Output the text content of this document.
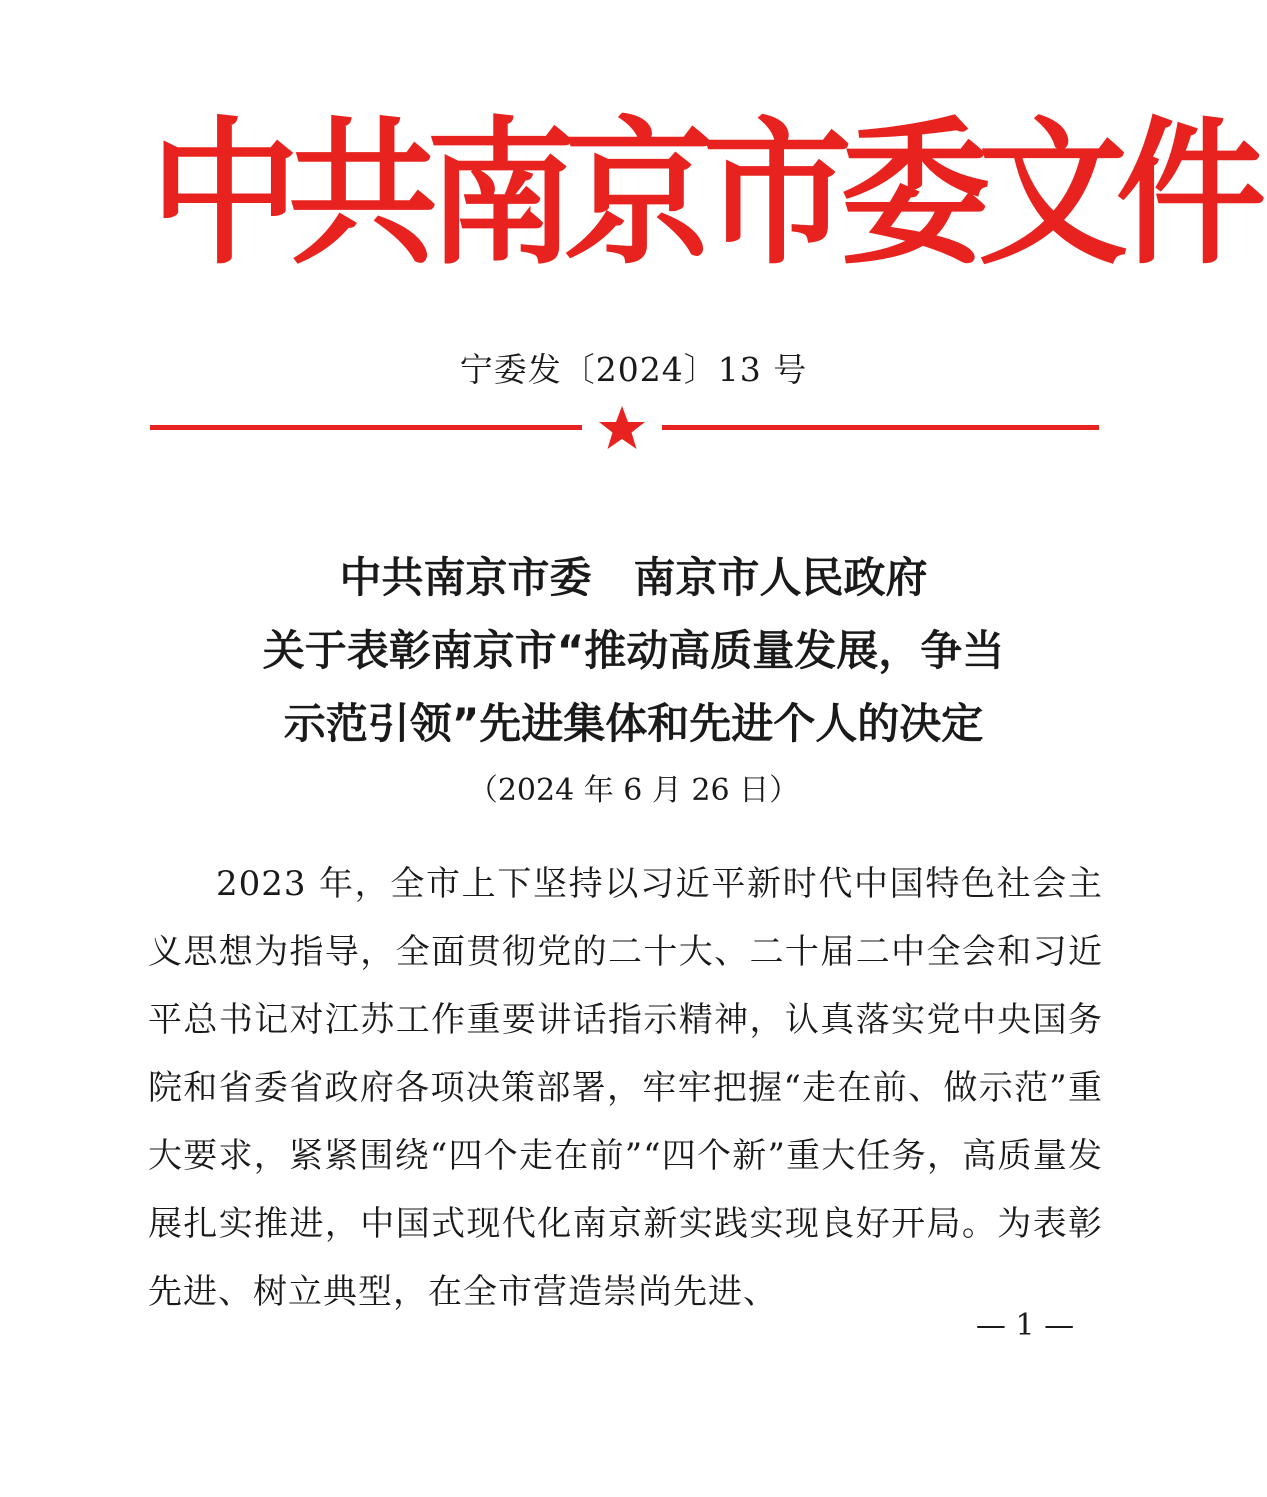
中共南京市委文件
宁委发〔2024〕13 号
中共南京市委　南京市人民政府
关于表彰南京市“推动高质量发展，争当
示范引领”先进集体和先进个人的决定
（2024 年 6 月 26 日）
2023 年，全市上下坚持以习近平新时代中国特色社会主义思想为指导，全面贯彻党的二十大、二十届二中全会和习近平总书记对江苏工作重要讲话指示精神，认真落实党中央国务院和省委省政府各项决策部署，牢牢把握“走在前、做示范”重大要求，紧紧围绕“四个走在前”“四个新”重大任务，高质量发展扎实推进，中国式现代化南京新实践实现良好开局。为表彰先进、树立典型，在全市营造崇尚先进、
— 1 —
